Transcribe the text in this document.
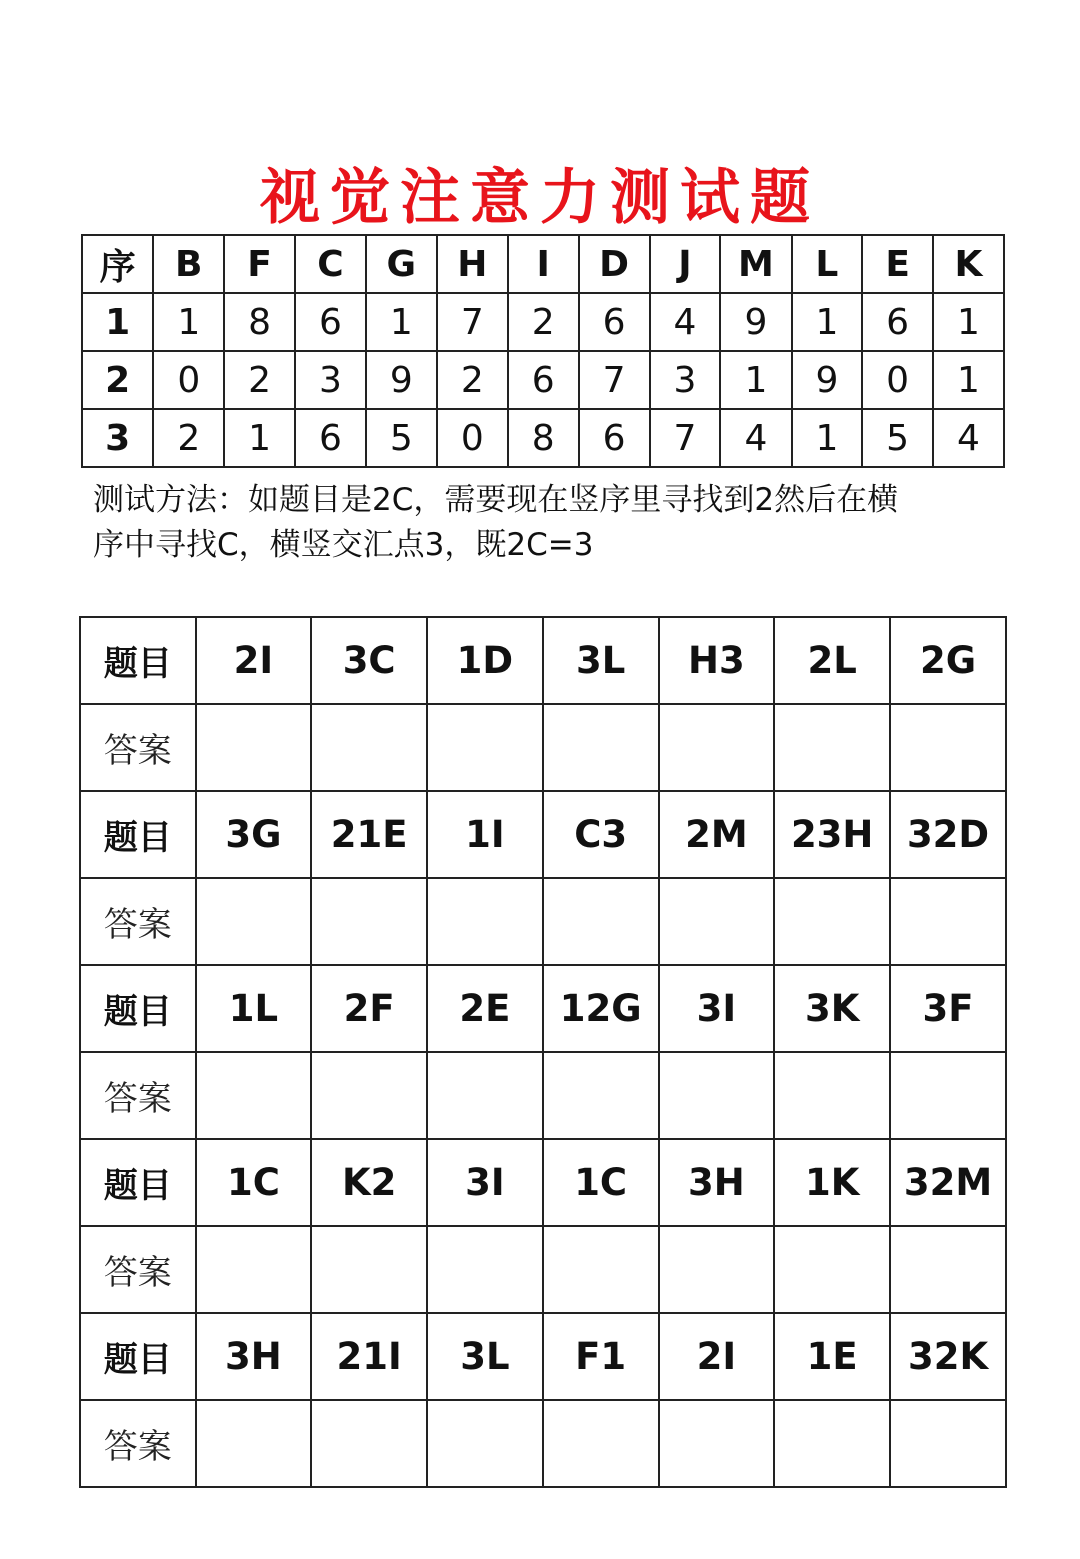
视觉注意力测试题
序	B	F	C	G	H	I	D	J	M	L	E	K
1	1	8	6	1	7	2	6	4	9	1	6	1
2	0	2	3	9	2	6	7	3	1	9	0	1
3	2	1	6	5	0	8	6	7	4	1	5	4
测试方法：如题目是2C，需要现在竖序里寻找到2然后在横
序中寻找C，横竖交汇点3，既2C=3
题目	2I	3C	1D	3L	H3	2L	2G
答案							
题目	3G	21E	1I	C3	2M	23H	32D
答案							
题目	1L	2F	2E	12G	3I	3K	3F
答案							
题目	1C	K2	3I	1C	3H	1K	32M
答案							
题目	3H	21I	3L	F1	2I	1E	32K
答案							
